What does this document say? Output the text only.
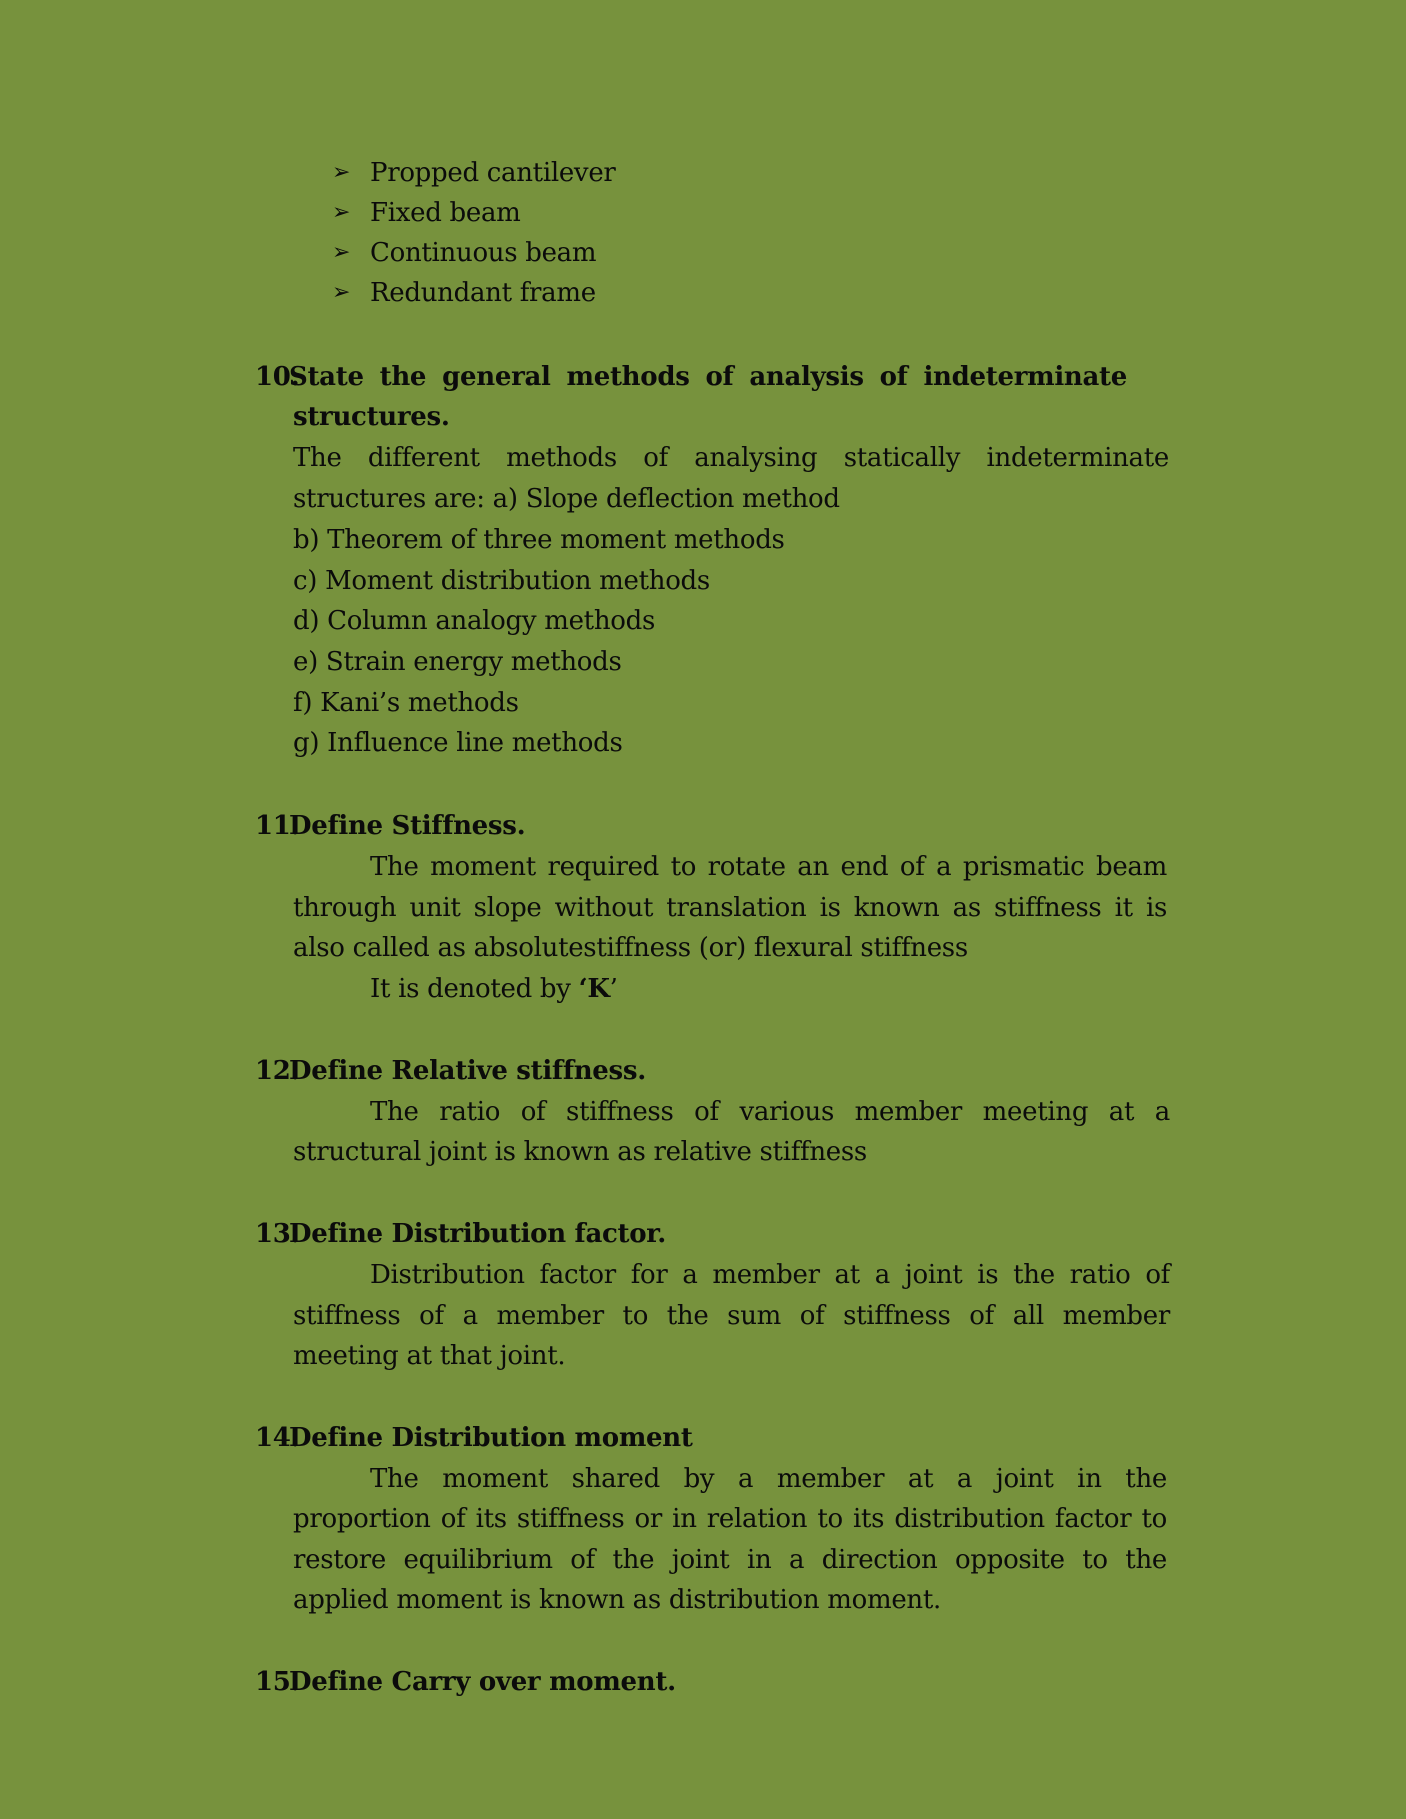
➢ Propped cantilever
➢ Fixed beam
➢ Continuous beam
➢ Redundant frame
10.State the general methods of analysis of indeterminate
structures.
The different methods of analysing statically indeterminate
structures are: a) Slope deflection method
b) Theorem of three moment methods
c) Moment distribution methods
d) Column analogy methods
e) Strain energy methods
f) Kani’s methods
g) Influence line methods
11.Define Stiffness.
The moment required to rotate an end of a prismatic beam
through unit slope without translation is known as stiffness it is
also called as absolutestiffness (or) flexural stiffness
It is denoted by ‘K’
12.Define Relative stiffness.
The ratio of stiffness of various member meeting at a
structural joint is known as relative stiffness
13.Define Distribution factor.
Distribution factor for a member at a joint is the ratio of
stiffness of a member to the sum of stiffness of all member
meeting at that joint.
14.Define Distribution moment
The moment shared by a member at a joint in the
proportion of its stiffness or in relation to its distribution factor to
restore equilibrium of the joint in a direction opposite to the
applied moment is known as distribution moment.
15.Define Carry over moment.
